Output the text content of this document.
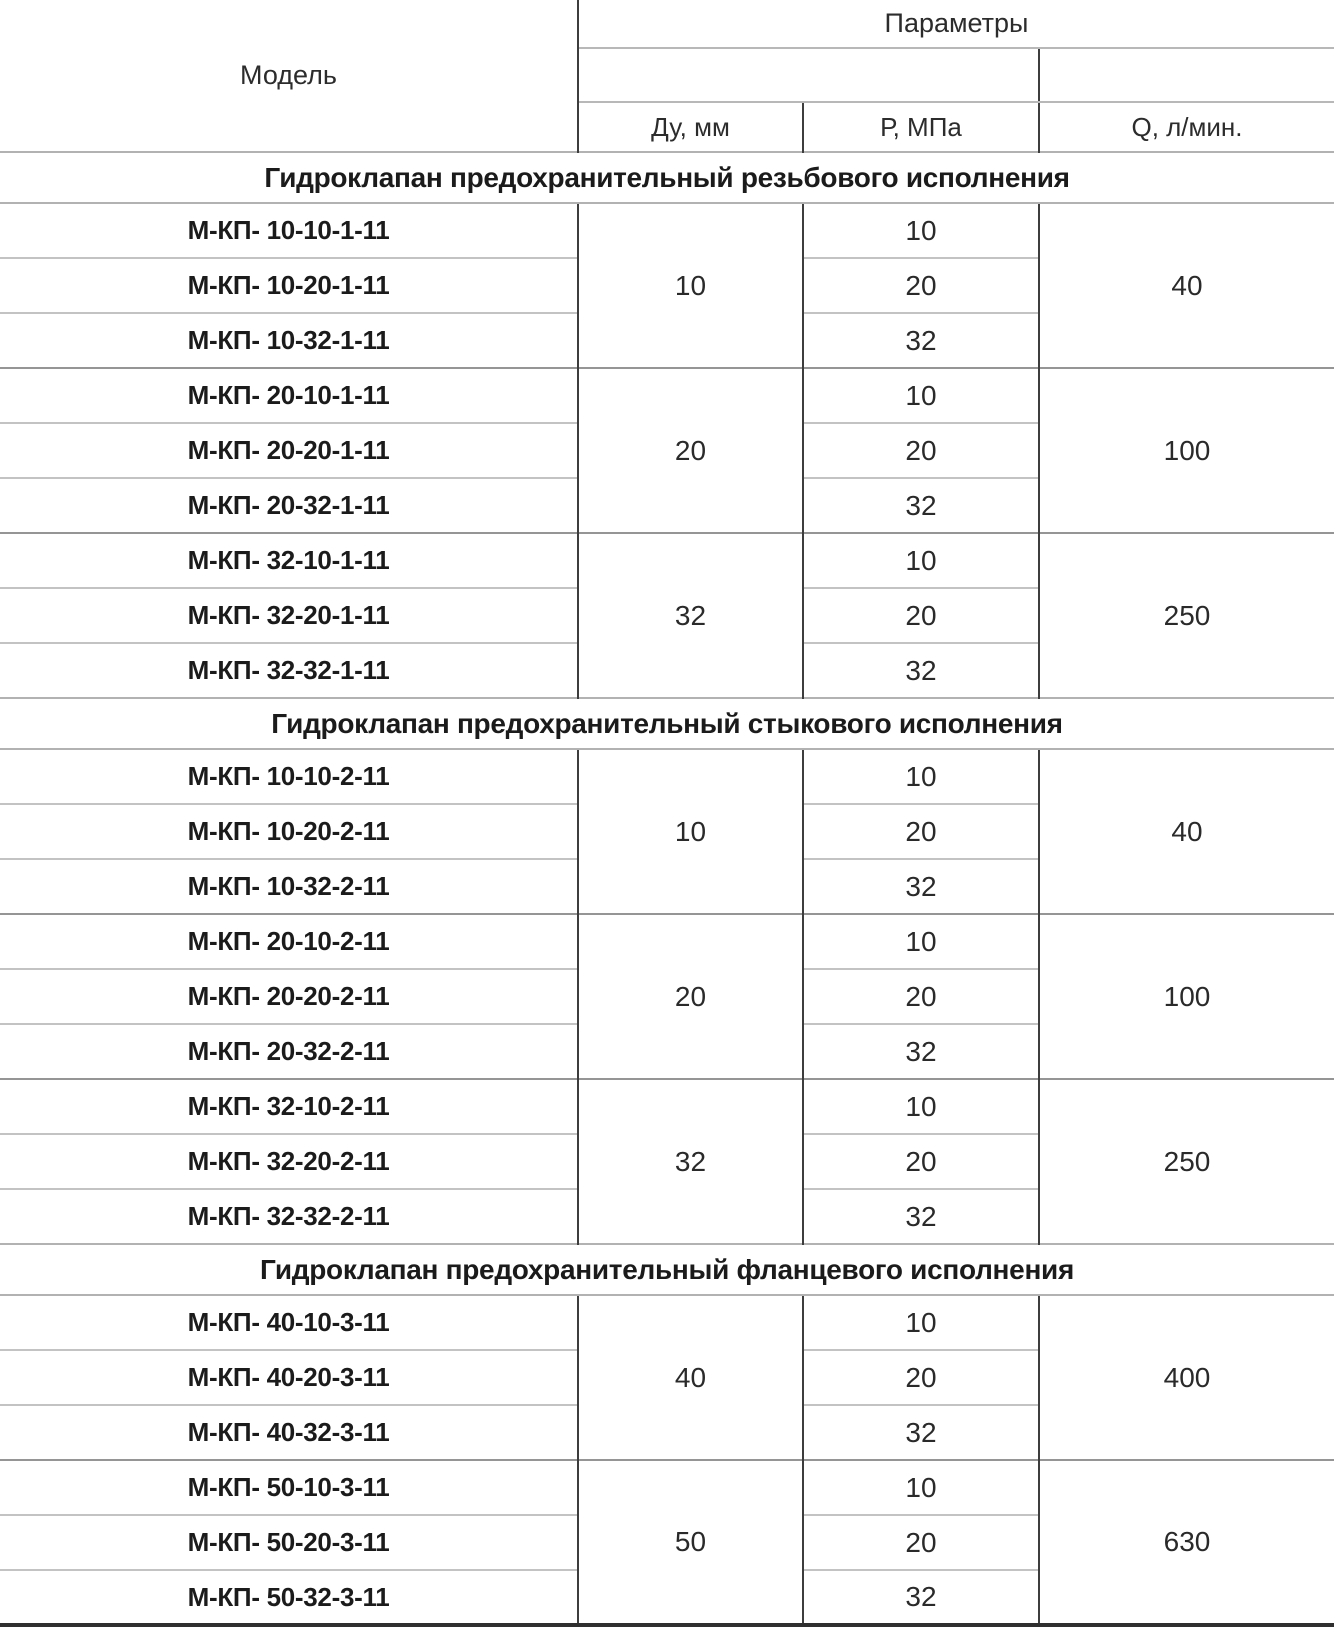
Модель	Параметры		

	Ду, мм	Р, МПа	Q, л/мин.
Гидроклапан предохранительный резьбового исполнения			
М-КП- 10-10-1-11	10	10	40
М-КП- 10-20-1-11		20	
М-КП- 10-32-1-11		32	
М-КП- 20-10-1-11	20	10	100
М-КП- 20-20-1-11		20	
М-КП- 20-32-1-11		32	
М-КП- 32-10-1-11	32	10	250
М-КП- 32-20-1-11		20	
М-КП- 32-32-1-11		32	
Гидроклапан предохранительный стыкового исполнения			
М-КП- 10-10-2-11	10	10	40
М-КП- 10-20-2-11		20	
М-КП- 10-32-2-11		32	
М-КП- 20-10-2-11	20	10	100
М-КП- 20-20-2-11		20	
М-КП- 20-32-2-11		32	
М-КП- 32-10-2-11	32	10	250
М-КП- 32-20-2-11		20	
М-КП- 32-32-2-11		32	
Гидроклапан предохранительный фланцевого исполнения			
М-КП- 40-10-3-11	40	10	400
М-КП- 40-20-3-11		20	
М-КП- 40-32-3-11		32	
М-КП- 50-10-3-11	50	10	630
М-КП- 50-20-3-11		20	
М-КП- 50-32-3-11		32	
